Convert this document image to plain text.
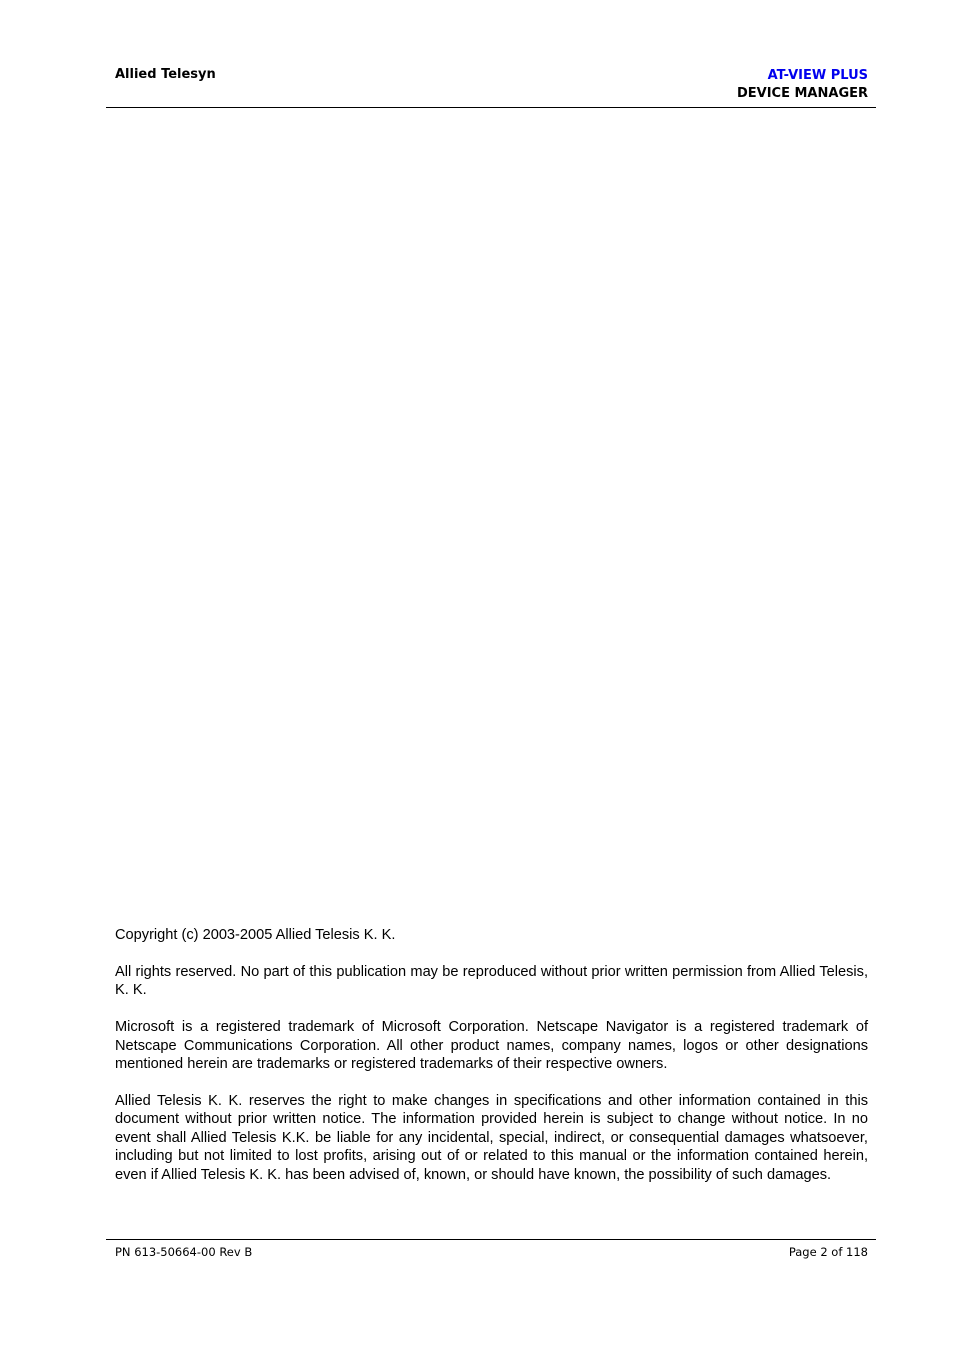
Allied Telesyn	AT-VIEW PLUS
DEVICE MANAGER

Copyright (c) 2003-2005 Allied Telesis K. K.

All rights reserved. No part of this publication may be reproduced without prior written permission from Allied Telesis, K. K.

Microsoft is a registered trademark of Microsoft Corporation. Netscape Navigator is a registered trademark of Netscape Communications Corporation. All other product names, company names, logos or other designations mentioned herein are trademarks or registered trademarks of their respective owners.

Allied Telesis K. K. reserves the right to make changes in specifications and other information contained in this document without prior written notice. The information provided herein is subject to change without notice. In no event shall Allied Telesis K.K. be liable for any incidental, special, indirect, or consequential damages whatsoever, including but not limited to lost profits, arising out of or related to this manual or the information contained herein, even if Allied Telesis K. K. has been advised of, known, or should have known, the possibility of such damages.

PN 613-50664-00 Rev B	Page 2 of 118
